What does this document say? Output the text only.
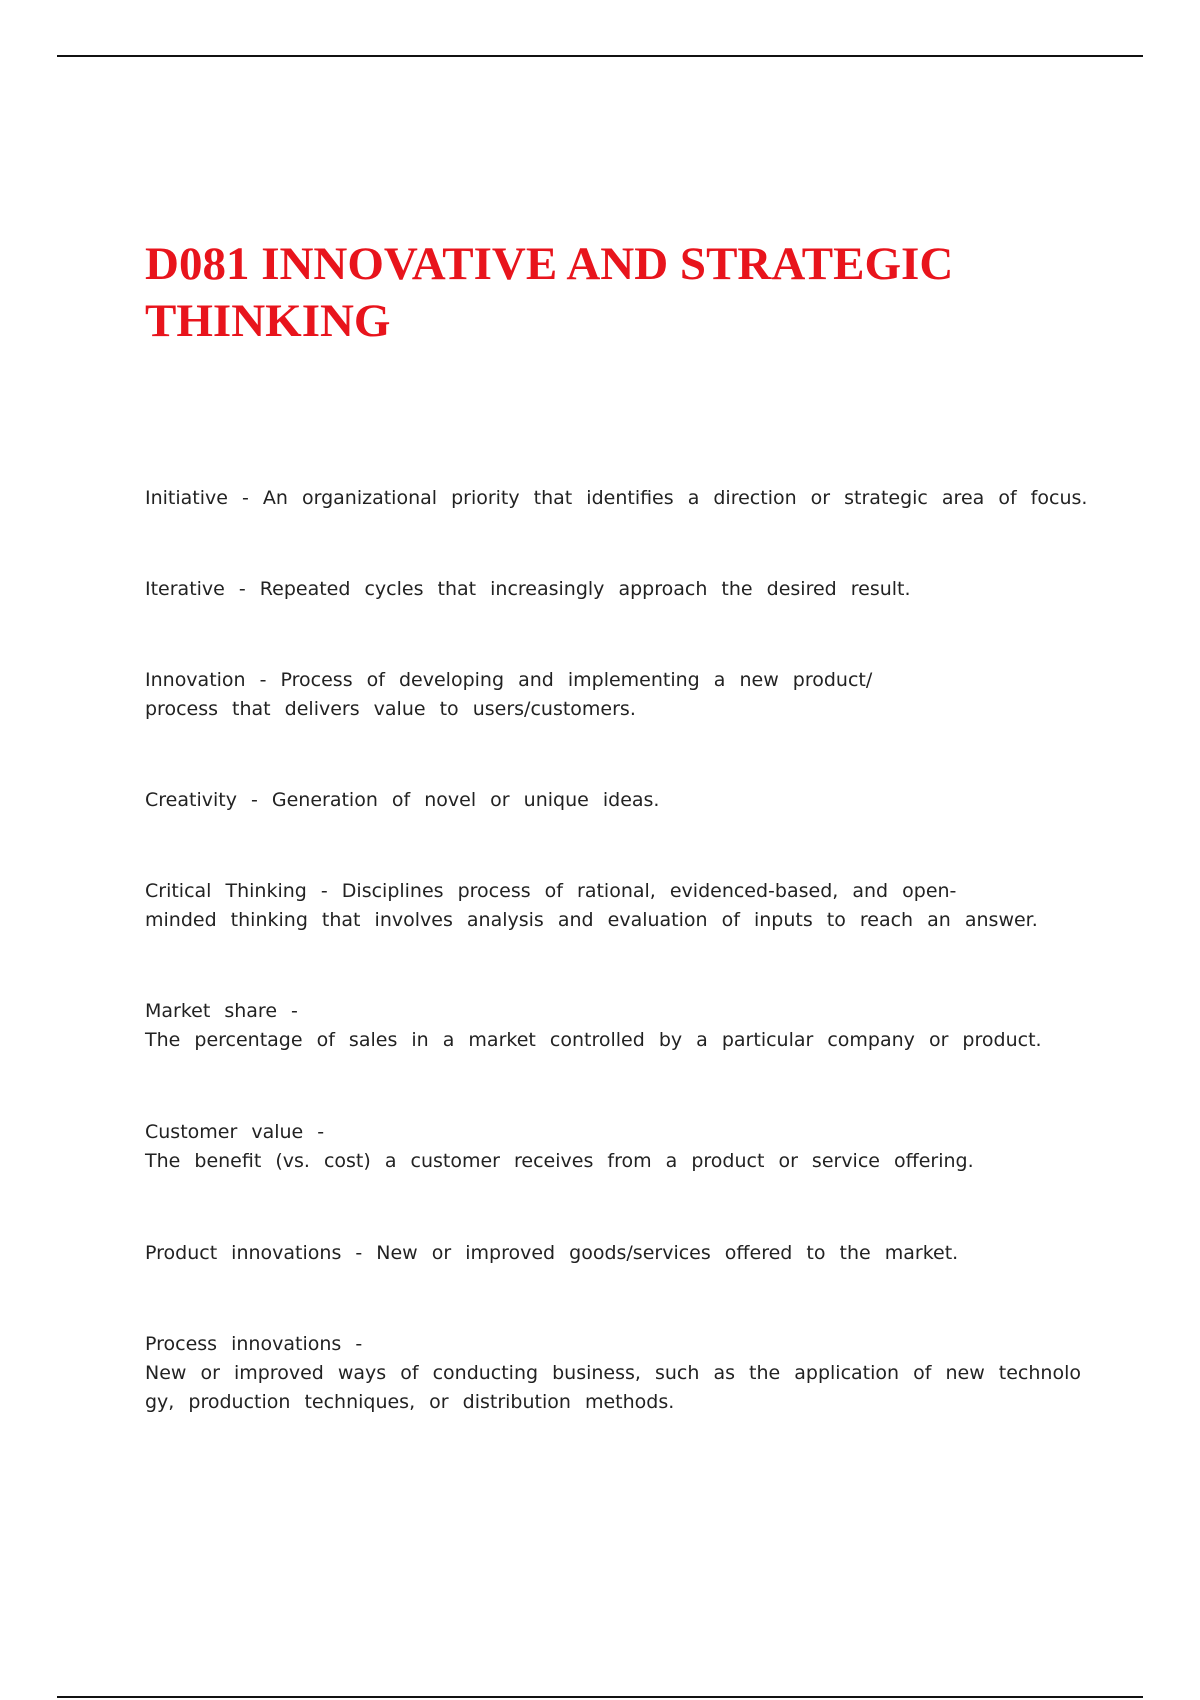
D081 INNOVATIVE AND STRATEGIC THINKING

Initiative - An organizational priority that identifies a direction or strategic area of focus.

Iterative - Repeated cycles that increasingly approach the desired result.

Innovation - Process of developing and implementing a new product/
process that delivers value to users/customers.

Creativity - Generation of novel or unique ideas.

Critical Thinking - Disciplines process of rational, evidenced-based, and open-
minded thinking that involves analysis and evaluation of inputs to reach an answer.

Market share -
The percentage of sales in a market controlled by a particular company or product.

Customer value -
The benefit (vs. cost) a customer receives from a product or service offering.

Product innovations - New or improved goods/services offered to the market.

Process innovations -
New or improved ways of conducting business, such as the application of new technolo
gy, production techniques, or distribution methods.
